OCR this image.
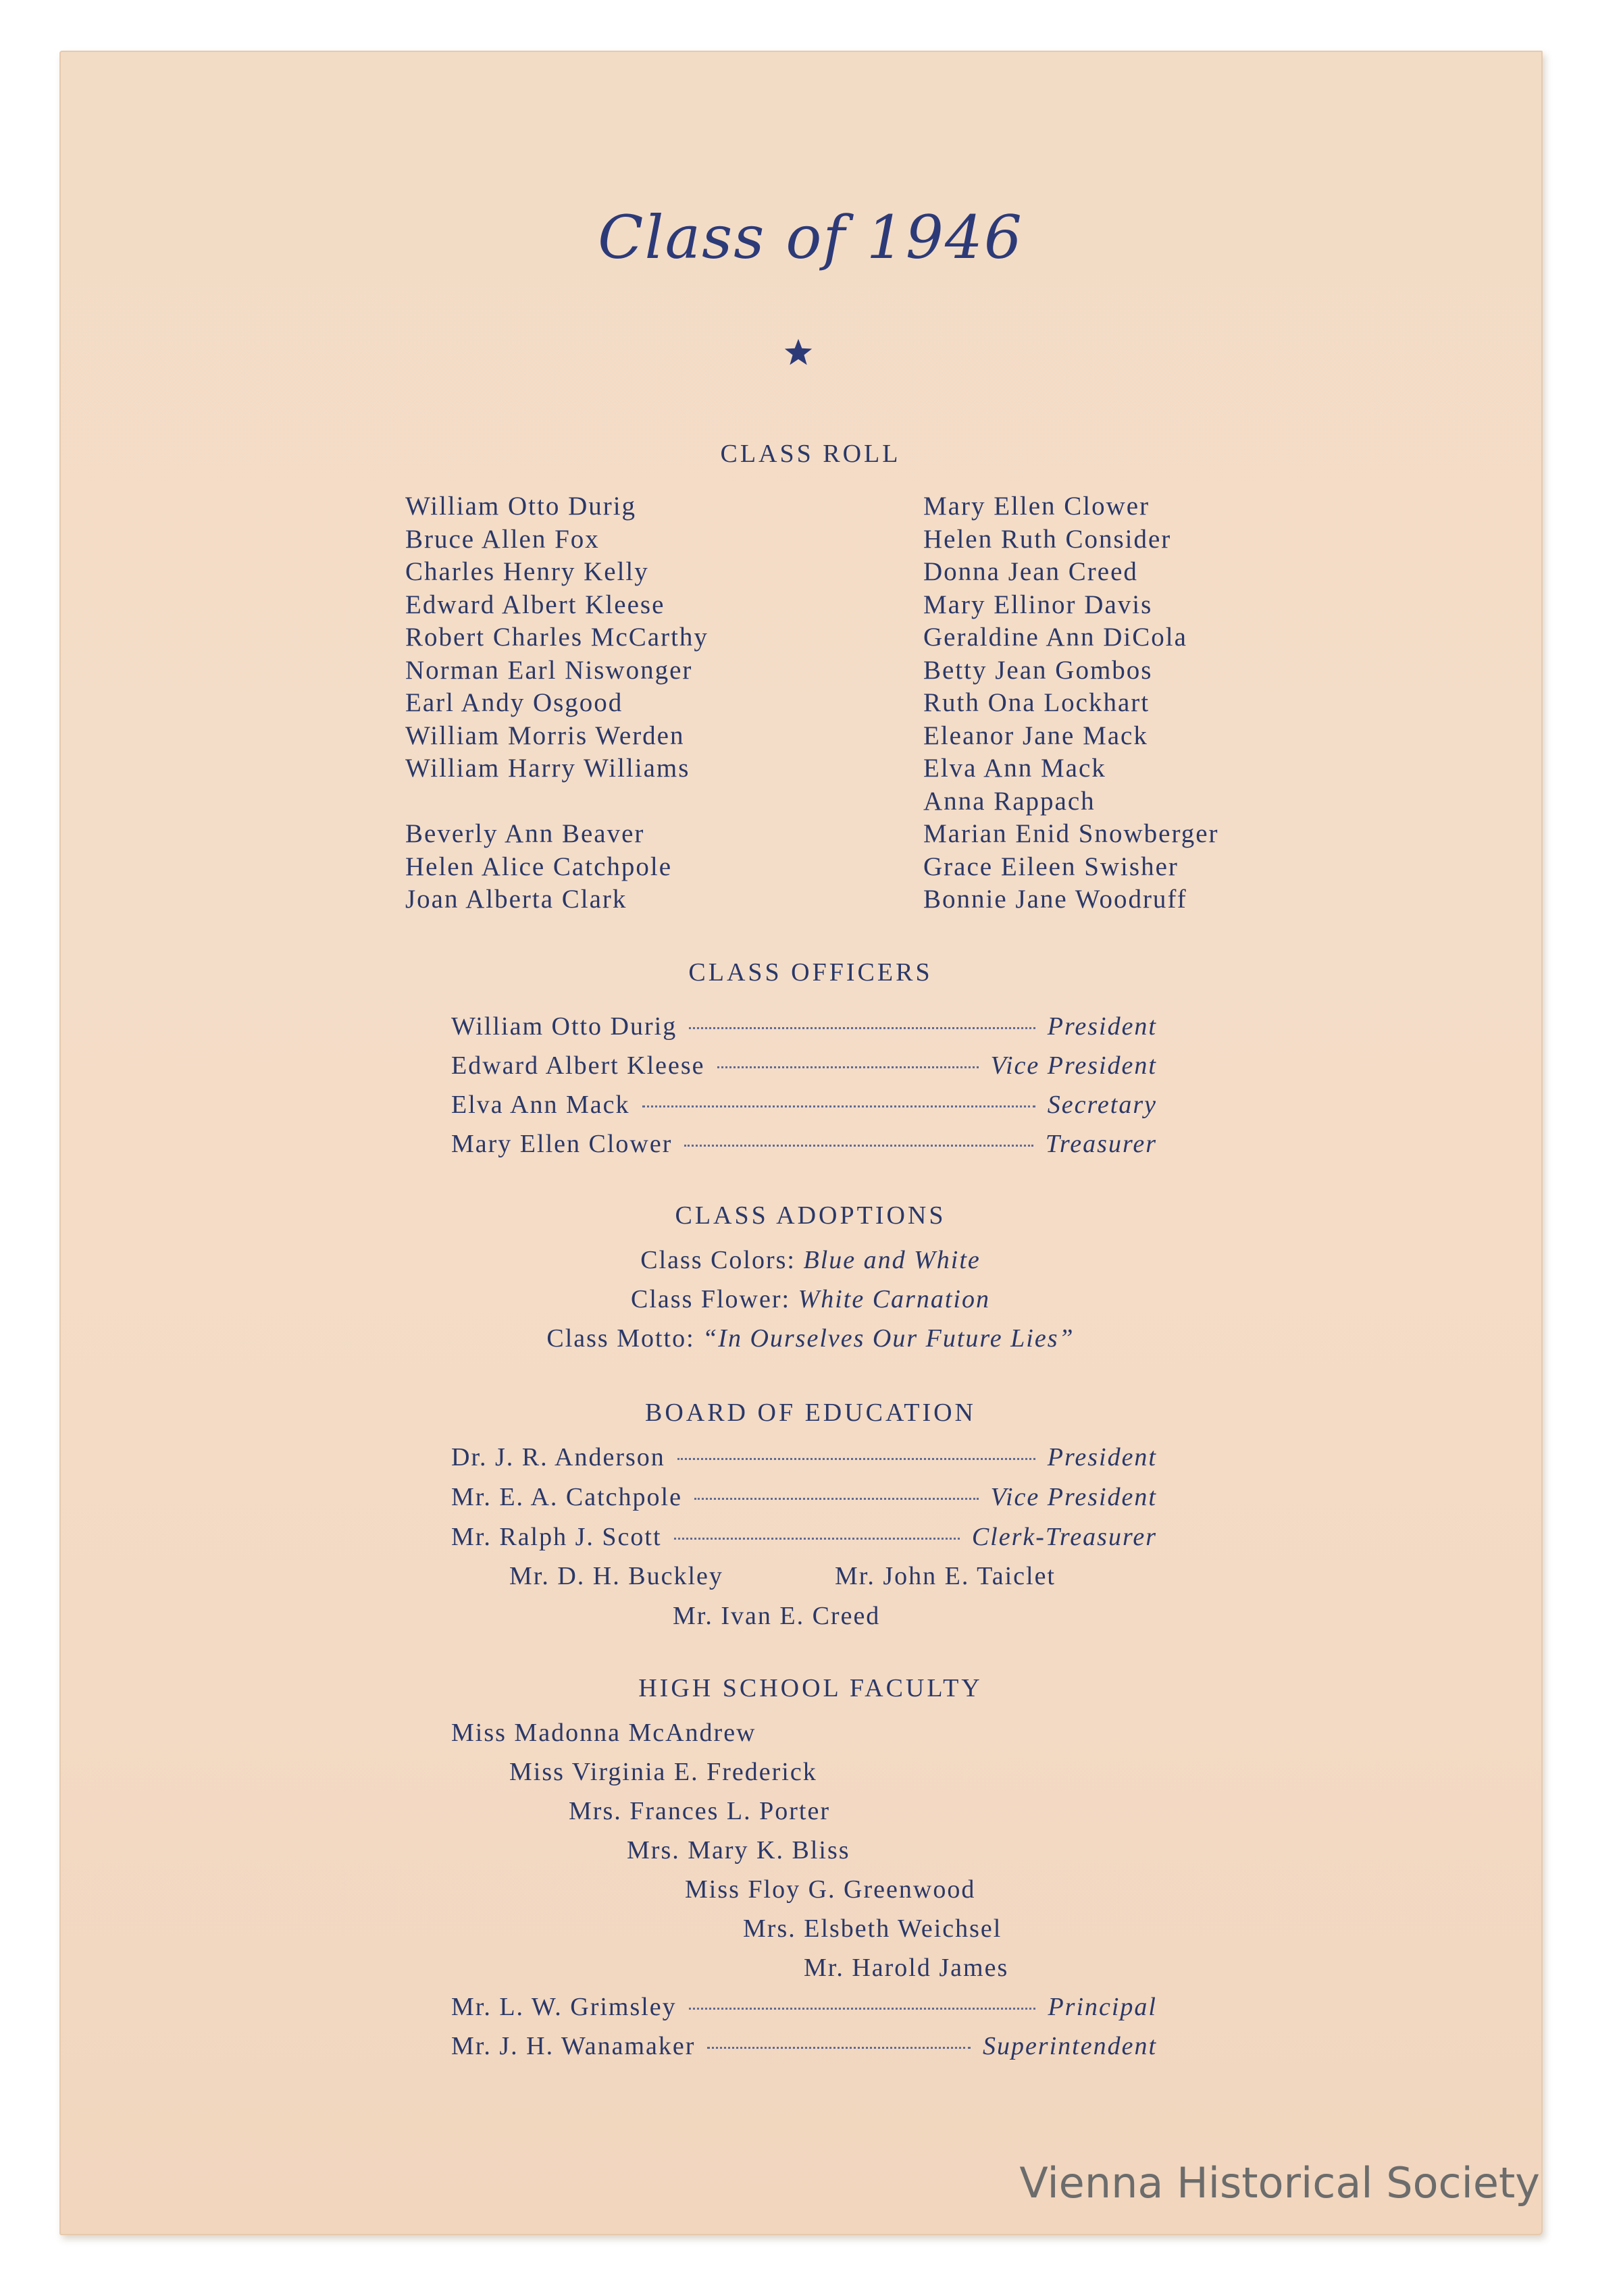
Class of 1946
CLASS ROLL
William Otto Durig
Bruce Allen Fox
Charles Henry Kelly
Edward Albert Kleese
Robert Charles McCarthy
Norman Earl Niswonger
Earl Andy Osgood
William Morris Werden
William Harry Williams
Beverly Ann Beaver
Helen Alice Catchpole
Joan Alberta Clark
Mary Ellen Clower
Helen Ruth Consider
Donna Jean Creed
Mary Ellinor Davis
Geraldine Ann DiCola
Betty Jean Gombos
Ruth Ona Lockhart
Eleanor Jane Mack
Elva Ann Mack
Anna Rappach
Marian Enid Snowberger
Grace Eileen Swisher
Bonnie Jane Woodruff
CLASS OFFICERS
William Otto Durig	President
Edward Albert Kleese	Vice President
Elva Ann Mack	Secretary
Mary Ellen Clower	Treasurer
CLASS ADOPTIONS
Class Colors: Blue and White
Class Flower: White Carnation
Class Motto: “In Ourselves Our Future Lies”
BOARD OF EDUCATION
Dr. J. R. Anderson	President
Mr. E. A. Catchpole	Vice President
Mr. Ralph J. Scott	Clerk-Treasurer
Mr. D. H. Buckley	Mr. John E. Taiclet
Mr. Ivan E. Creed
HIGH SCHOOL FACULTY
Miss Madonna McAndrew
Miss Virginia E. Frederick
Mrs. Frances L. Porter
Mrs. Mary K. Bliss
Miss Floy G. Greenwood
Mrs. Elsbeth Weichsel
Mr. Harold James
Mr. L. W. Grimsley	Principal
Mr. J. H. Wanamaker	Superintendent
Vienna Historical Society
